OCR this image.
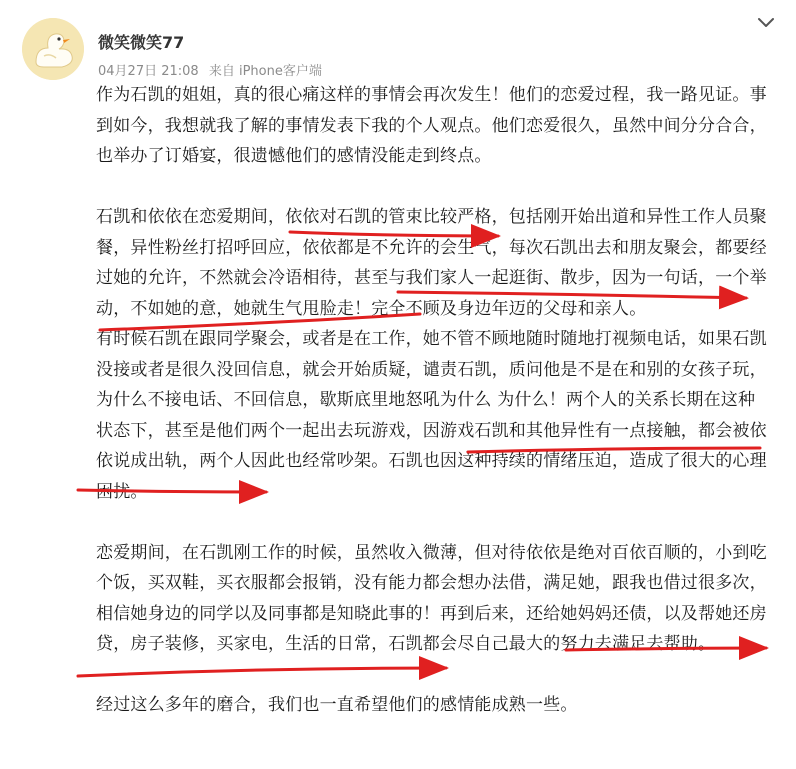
微笑微笑77
04月27日 21:08 来自 iPhone客户端

作为石凯的姐姐，真的很心痛这样的事情会再次发生！他们的恋爱过程，我一路见证。事到如今，我想就我了解的事情发表下我的个人观点。他们恋爱很久，虽然中间分分合合，也举办了订婚宴，很遗憾他们的感情没能走到终点。

石凯和依依在恋爱期间，依依对石凯的管束比较严格，包括刚开始出道和异性工作人员聚餐，异性粉丝打招呼回应，依依都是不允许的会生气，每次石凯出去和朋友聚会，都要经过她的允许，不然就会冷语相待，甚至与我们家人一起逛街、散步，因为一句话，一个举动，不如她的意，她就生气甩脸走！完全不顾及身边年迈的父母和亲人。

有时候石凯在跟同学聚会，或者是在工作，她不管不顾地随时随地打视频电话，如果石凯没接或者是很久没回信息，就会开始质疑，谴责石凯，质问他是不是在和别的女孩子玩，为什么不接电话、不回信息，歇斯底里地怒吼为什么 为什么！两个人的关系长期在这种状态下，甚至是他们两个一起出去玩游戏，因游戏石凯和其他异性有一点接触，都会被依依说成出轨，两个人因此也经常吵架。石凯也因这种持续的情绪压迫，造成了很大的心理困扰。

恋爱期间，在石凯刚工作的时候，虽然收入微薄，但对待依依是绝对百依百顺的，小到吃个饭，买双鞋，买衣服都会报销，没有能力都会想办法借，满足她，跟我也借过很多次，相信她身边的同学以及同事都是知晓此事的！再到后来，还给她妈妈还债，以及帮她还房贷，房子装修，买家电，生活的日常，石凯都会尽自己最大的努力去满足去帮助。

经过这么多年的磨合，我们也一直希望他们的感情能成熟一些。
